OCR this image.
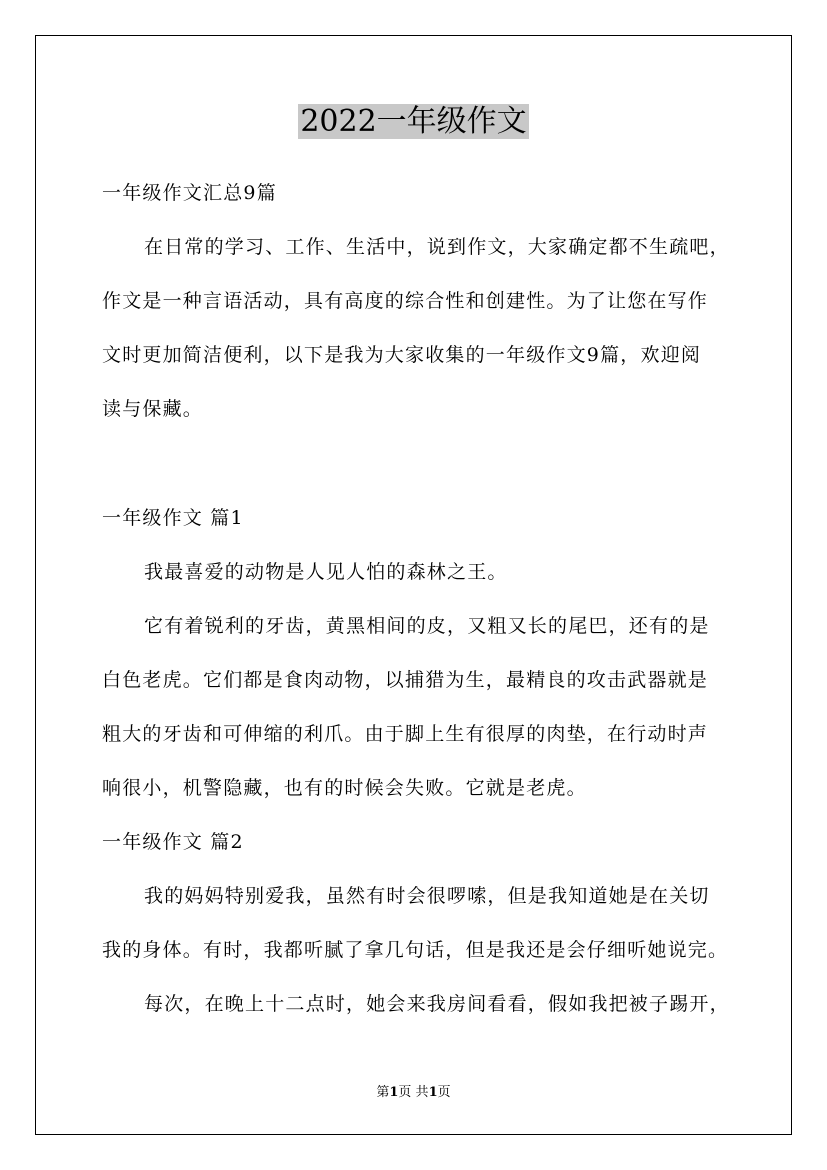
2022一年级作文
一年级作文汇总9篇
在日常的学习、工作、生活中，说到作文，大家确定都不生疏吧，
作文是一种言语活动，具有高度的综合性和创建性。为了让您在写作
文时更加简洁便利，以下是我为大家收集的一年级作文9篇，欢迎阅
读与保藏。
一年级作文 篇1
我最喜爱的动物是人见人怕的森林之王。
它有着锐利的牙齿，黄黑相间的皮，又粗又长的尾巴，还有的是
白色老虎。它们都是食肉动物，以捕猎为生，最精良的攻击武器就是
粗大的牙齿和可伸缩的利爪。由于脚上生有很厚的肉垫，在行动时声
响很小，机警隐藏，也有的时候会失败。它就是老虎。
一年级作文 篇2
我的妈妈特别爱我，虽然有时会很啰嗦，但是我知道她是在关切
我的身体。有时，我都听腻了拿几句话，但是我还是会仔细听她说完。
每次，在晚上十二点时，她会来我房间看看，假如我把被子踢开，
第1页 共1页
